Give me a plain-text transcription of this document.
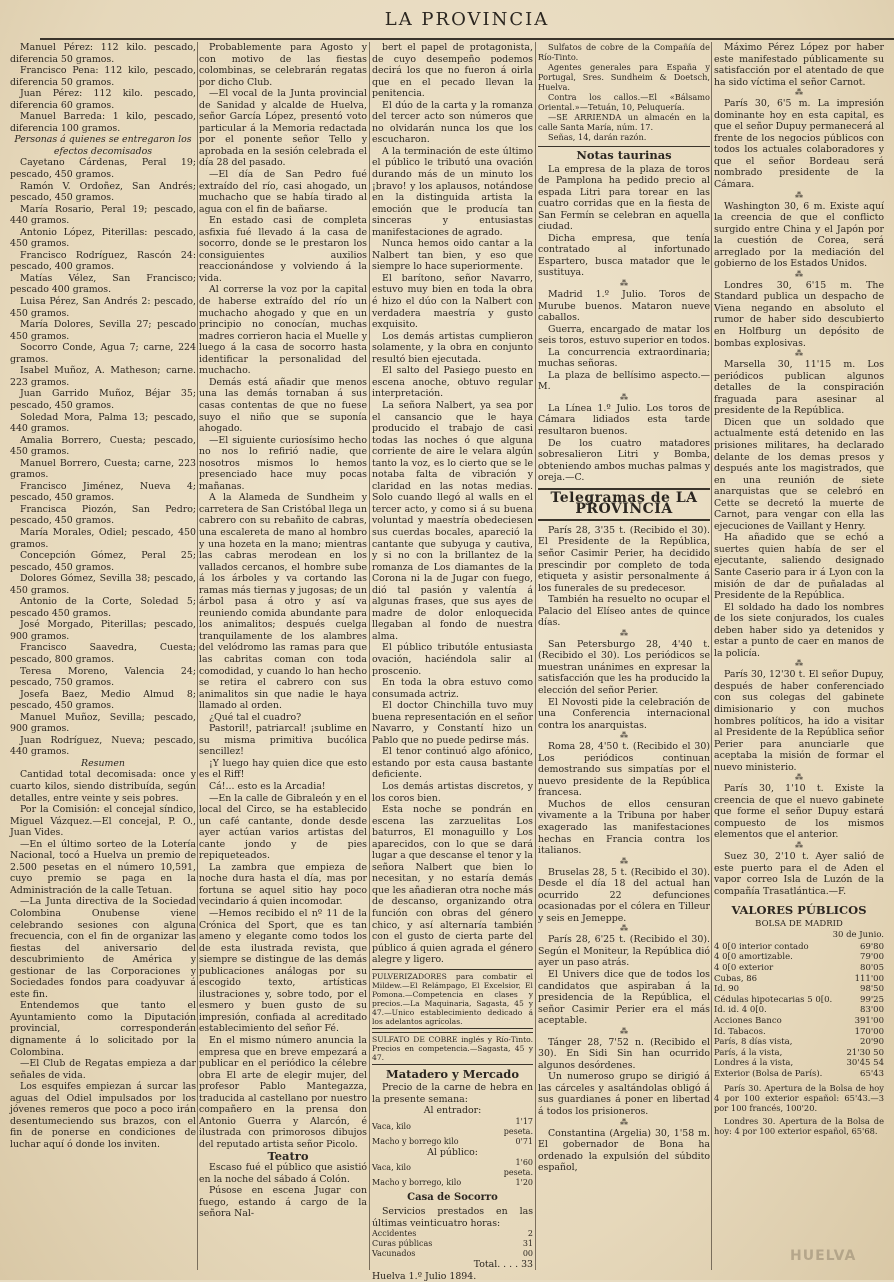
LA PROVINCIA

Manuel Pérez: 112 kilo. pescado, diferencia 50 gramos.

Francisco Pena: 112 kilo, pescado, diferencia 50 gramos.

Juan Pérez: 112 kilo. pescado, diferencia 60 gramos.

Manuel Barreda: 1 kilo, pescado, diferencia 100 gramos.

Personas á quienes se entregaron los efectos decomisados

Cayetano Cárdenas, Peral 19; pescado, 450 gramos.

Ramón V. Ordoñez, San Andrés; pescado, 450 gramos.

María Rosario, Peral 19; pescado, 440 gramos.

Antonio López, Piterillas: pescado, 450 gramos.

Francisco Rodríguez, Rascón 24: pescado, 400 gramos.

Matías Vélez, San Francisco; pescado 400 gramos.

Luisa Pérez, San Andrés 2: pescado, 450 gramos.

María Dolores, Sevilla 27; pescado 450 gramos.

Socorro Conde, Agua 7; carne, 224 gramos.

Isabel Muñoz, A. Matheson; carne. 223 gramos.

Juan Garrido Muñoz, Béjar 35; pescado, 450 gramos.

Soledad Mora, Palma 13; pescado, 440 gramos.

Amalia Borrero, Cuesta; pescado, 450 gramos.

Manuel Borrero, Cuesta; carne, 223 gramos.

Francisco Jiménez, Nueva 4; pescado, 450 gramos.

Francisca Piozón, San Pedro; pescado, 450 gramos.

María Morales, Odiel; pescado, 450 gramos.

Concepción Gómez, Peral 25; pescado, 450 gramos.

Dolores Gómez, Sevilla 38; pescado, 450 gramos.

Antonio de la Corte, Soledad 5; pescado 450 gramos.

José Morgado, Piterillas; pescado, 900 gramos.

Francisco Saavedra, Cuesta; pescado, 800 gramos.

Teresa Moreno, Valencia 24; pescado, 750 gramos.

Josefa Baez, Medio Almud 8; pescado, 450 gramos.

Manuel Muñoz, Sevilla; pescado, 900 gramos.

Juan Rodríguez, Nueva; pescado, 440 gramos.

Resumen

Cantidad total decomisada: once y cuarto kilos, siendo distribuída, según detalles, entre veinte y seis pobres.

Por la Comisión: el concejal síndico, Miguel Vázquez.—El concejal, P. O., Juan Vides.

—En el último sorteo de la Lotería Nacional, tocó a Huelva un premio de 2.500 pesetas en el número 10,591, cuyo premio se paga en la Administración de la calle Tetuan.

—La Junta directiva de la Sociedad Colombina Onubense viene celebrando sesiones con alguna frecuencia, con el fin de organizar las fiestas del aniversario del descubrimiento de América y gestionar de las Corporaciones y Sociedades fondos para coadyuvar á este fin.

Entendemos que tanto el Ayuntamiento como la Diputación provincial, corresponderán dignamente á lo solicitado por la Colombina.

—El Club de Regatas empieza a dar señales de vida.

Los esquifes empiezan á surcar las aguas del Odiel impulsados por los jóvenes remeros que poco a poco irán desentumeciendo sus brazos, con el fin de ponerse en condiciones de luchar aquí ó donde los inviten.

Probablemente para Agosto y con motivo de las fiestas colombinas, se celebrarán regatas por dicho Club.

—El vocal de la Junta provincial de Sanidad y alcalde de Huelva, señor García López, presentó voto particular á la Memoria redactada por el ponente señor Tello y aprobada en la sesión celebrada el día 28 del pasado.

—El día de San Pedro fué extraído del río, casi ahogado, un muchacho que se había tirado al agua con el fin de bañarse.

En estado casi de completa asfixia fué llevado á la casa de socorro, donde se le prestaron los consiguientes auxilios reaccionándose y volviendo á la vida.

Al correrse la voz por la capital de haberse extraído del río un muchacho ahogado y que en un principio no conocían, muchas madres corrieron hacia el Muelle y luego á la casa de socorro hasta identificar la personalidad del muchacho.

Demás está añadir que menos una las demás tornaban á sus casas contentas de que no fuese suyo el niño que se suponía ahogado.

—El siguiente curiosísimo hecho no nos lo refirió nadie, que nosotros mismos lo hemos presenciado hace muy pocas mañanas.

A la Alameda de Sundheim y carretera de San Cristóbal llega un cabrero con su rebañito de cabras, una escalereta de mano al hombro y una hozeta en la mano; mientras las cabras merodean en los vallados cercanos, el hombre sube á los árboles y va cortando las ramas más tiernas y jugosas; de un árbol pasa á otro y así va reuniendo comida abundante para los animalitos; después cuelga tranquilamente de los alambres del velódromo las ramas para que las cabritas coman con toda comodidad, y cuando lo han hecho se retira el cabrero con sus animalitos sin que nadie le haya llamado al orden.

¿Qué tal el cuadro?

Pastoril!, patriarcal! ¡sublime en su misma primitiva bucólica sencillez!

¡Y luego hay quien dice que esto es el Riff!

Cá!... esto es la Arcadia!

—En la calle de Gibraleón y en el local del Circo, se ha establecido un café cantante, donde desde ayer actúan varios artistas del cante jondo y de pies repiqueteados.

La zambra que empieza de noche dura hasta el día, mas por fortuna se aquel sitio hay poco vecindario á quien incomodar.

—Hemos recibido el nº 11 de la Crónica del Sport, que es tan ameno y elegante como todos los de esta ilustrada revista, que siempre se distingue de las demás publicaciones análogas por su escogido texto, artísticas ilustraciones y, sobre todo, por el esmero y buen gusto de su impresión, confiada al acreditado establecimiento del señor Fé.

En el mismo número anuncia la empresa que en breve empezará a publicar en el periódico la célebre obra El arte de elegir mujer, del profesor Pablo Mantegazza, traducida al castellano por nuestro compañero en la prensa don Antonio Guerra y Alarcón, é ilustrada con primorosos dibujos del reputado artista señor Picolo.

Teatro

Escaso fué el público que asistió en la noche del sábado á Colón.

Púsose en escena Jugar con fuego, estando á cargo de la señora Nal-

bert el papel de protagonista, de cuyo desempeño podemos decirá los que no fueron á oirla que en el pecado llevan la penitencia.

El dúo de la carta y la romanza del tercer acto son números que no olvidarán nunca los que los escucharon.

A la terminación de este último el público le tributó una ovación durando más de un minuto los ¡bravo! y los aplausos, notándose en la distinguida artista la emoción que le producía tan sinceras y entusiastas manifestaciones de agrado.

Nunca hemos oido cantar a la Nalbert tan bien, y eso que siempre lo hace superiormente.

El barítono, señor Navarro, estuvo muy bien en toda la obra é hizo el dúo con la Nalbert con verdadera maestría y gusto exquisito.

Los demás artistas cumplieron solamente, y la obra en conjunto resultó bien ejecutada.

El salto del Pasiego puesto en escena anoche, obtuvo regular interpretación.

La señora Nalbert, ya sea por el cansancio que le haya producido el trabajo de casi todas las noches ó que alguna corriente de aire le velara algún tanto la voz, es lo cierto que se le notaba falta de vibración y claridad en las notas medias. Solo cuando llegó al walls en el tercer acto, y como si á su buena voluntad y maestría obedeciesen sus cuerdas bocales, apareció la cantante que subyuga y cautiva, y si no con la brillantez de la romanza de Los diamantes de la Corona ni la de Jugar con fuego, dió tal pasión y valentía á algunas frases, que sus ayes de madre de dolor enloquecida llegaban al fondo de nuestra alma.

El público tributóle entusiasta ovación, haciéndola salir al proscenio.

En toda la obra estuvo como consumada actriz.

El doctor Chinchilla tuvo muy buena representación en el señor Navarro, y Constantí hizo un Pablo que no puede pedirse más.

El tenor continuó algo afónico, estando por esta causa bastante deficiente.

Los demás artistas discretos, y los coros bien.

Esta noche se pondrán en escena las zarzuelitas Los baturros, El monaguillo y Los aparecidos, con lo que se dará lugar a que descanse el tenor y la señora Nalbert que bien lo necesitan, y no estaría demás que les añadieran otra noche más de descanso, organizando otra función con obras del género chico, y así alternaría también con el gusto de cierta parte del público á quien agrada el género alegre y ligero.

PULVERIZADORES para combatir el Mildew.—El Relámpago, El Excelsior, El Pomona.—Competencia en clases y precios.—La Maquinaria, Sagasta, 45 y 47.—Unico establecimiento dedicado á los adelantos agrícolas.
SULFATO DE COBRE inglés y Río-Tinto. Precios en competencia.—Sagasta, 45 y 47.
Matadero y Mercado

Precio de la carne de hebra en la presente semana:

Al entrador:
Vaca, kilo	1'17 peseta.
Macho y borrego kilo	0'71
Al público:
Vaca, kilo	1'60 peseta.
Macho y borrego, kilo	1'20
Casa de Socorro

Servicios prestados en las últimas veinticuatro horas:

Accidentes	2
Curas públicas	31
Vacunados	00
Total. . . . 33
Huelva 1.º Julio 1894.

Sulfatos de cobre de la Compañía de Río-Tinto.

Agentes generales para España y Portugal, Sres. Sundheim & Doetsch, Huelva.

Contra los callos.—El «Bálsamo Oriental.»—Tetuán, 10, Peluquería.

—SE ARRIENDA un almacén en la calle Santa María, núm. 17.

Señas, 14, darán razón.

Notas taurinas

La empresa de la plaza de toros de Pamplona ha pedido precio al espada Litri para torear en las cuatro corridas que en la fiesta de San Fermín se celebran en aquella ciudad.

Dicha empresa, que tenía contratado al infortunado Espartero, busca matador que le sustituya.

⁂

Madrid 1.º Julio. Toros de Murube buenos. Mataron nueve caballos.

Guerra, encargado de matar los seis toros, estuvo superior en todos.

La concurrencia extraordinaria; muchas señoras.

La plaza de bellísimo aspecto.—M.

⁂

La Línea 1.º Julio. Los toros de Cámara lidiados esta tarde resultaron buenos.

De los cuatro matadores sobresalieron Litri y Bomba, obteniendo ambos muchas palmas y oreja.—C.

Telegramas de LA PROVINCIA

París 28, 3'35 t. (Recibido el 30). El Presidente de la República, señor Casimir Perier, ha decidido prescindir por completo de toda etiqueta y asistir personalmente á los funerales de su predecesor.

También ha resuelto no ocupar el Palacio del Elíseo antes de quince días.

⁂

San Petersburgo 28, 4'40 t. (Recibido el 30). Los periódicos se muestran unánimes en expresar la satisfacción que les ha producido la elección del señor Perier.

El Novosti pide la celebración de una Conferencia internacional contra los anarquistas.

⁂

Roma 28, 4'50 t. (Recibido el 30) Los periódicos continuan demostrando sus simpatías por el nuevo presidente de la República francesa.

Muchos de ellos censuran vivamente a la Tribuna por haber exagerado las manifestaciones hechas en Francia contra los italianos.

⁂

Bruselas 28, 5 t. (Recibido el 30). Desde el día 18 del actual han ocurrido 22 defunciones ocasionadas por el cólera en Tilleur y seis en Jemeppe.

⁂

París 28, 6'25 t. (Recibido el 30). Según el Moniteur, la República dió ayer un paso atrás.

El Univers dice que de todos los candidatos que aspiraban á la presidencia de la República, el señor Casimir Perier era el más aceptable.

⁂

Tánger 28, 7'52 n. (Recibido el 30). En Sidi Sin han ocurrido algunos desórdenes.

Un numeroso grupo se dirigió á las cárceles y asaltándolas obligó á sus guardianes á poner en libertad á todos los prisioneros.

⁂

Constantina (Argelia) 30, 1'58 m. El gobernador de Bona ha ordenado la expulsión del súbdito español,

Máximo Pérez López por haber este manifestado públicamente su satisfacción por el atentado de que ha sido víctima el señor Carnot.

⁂

París 30, 6'5 m. La impresión dominante hoy en esta capital, es que el señor Dupuy permanecerá al frente de los negocios públicos con todos los actuales colaboradores y que el señor Bordeau será nombrado presidente de la Cámara.

⁂

Washington 30, 6 m. Existe aquí la creencia de que el conflicto surgido entre China y el Japón por la cuestión de Corea, será arreglado por la mediación del gobierno de los Estados Unidos.

⁂

Londres 30, 6'15 m. The Standard publica un despacho de Viena negando en absoluto el rumor de haber sido descubierto en Holfburg un depósito de bombas explosivas.

⁂

Marsella 30, 11'15 m. Los periódicos publican algunos detalles de la conspiración fraguada para asesinar al presidente de la República.

Dicen que un soldado que actualmente está detenido en las prisiones militares, ha declarado delante de los demas presos y después ante los magistrados, que en una reunión de siete anarquistas que se celebró en Cette se decretó la muerte de Carnot, para vengar con ella las ejecuciones de Vaillant y Henry.

Ha añadido que se echó a suertes quien había de ser el ejecutante, saliendo designado Sante Caserio para ir á Lyon con la misión de dar de puñaladas al Presidente de la República.

El soldado ha dado los nombres de los siete conjurados, los cuales deben haber sido ya detenidos y estar a punto de caer en manos de la policía.

⁂

París 30, 12'30 t. El señor Dupuy, después de haber conferenciado con sus colegas del gabinete dimisionario y con muchos hombres políticos, ha ido a visitar al Presidente de la República señor Perier para anunciarle que aceptaba la misión de formar el nuevo ministerio.

⁂

París 30, 1'10 t. Existe la creencia de que el nuevo gabinete que forme el señor Dupuy estará compuesto de los mismos elementos que el anterior.

⁂

Suez 30, 2'10 t. Ayer salió de este puerto para el de Aden el vapor correo Isla de Luzón de la compañía Trasatlántica.—F.

VALORES PÚBLICOS
BOLSA DE MADRID
30 de Junio.
4 0[0 interior contado	69'80
4 0[0 amortizable.	79'00
4 0[0 exterior	80'05
Cubas, 86	111'00
Id. 90	98'50
Cédulas hipotecarias 5 0[0.	99'25
Id. id. 4 0[0.	83'00
Acciones Banco	391'00
Id. Tabacos.	170'00
París, 8 días vista,	20'90
París, á la vista,	21'30 50
Londres á la vista,	30'45 54
Exterior (Bolsa de París).	65'43

París 30. Apertura de la Bolsa de hoy 4 por 100 exterior español: 65'43.—3 por 100 francés, 100'20.

Londres 30. Apertura de la Bolsa de hoy: 4 por 100 exterior español, 65'68.

HUELVA
